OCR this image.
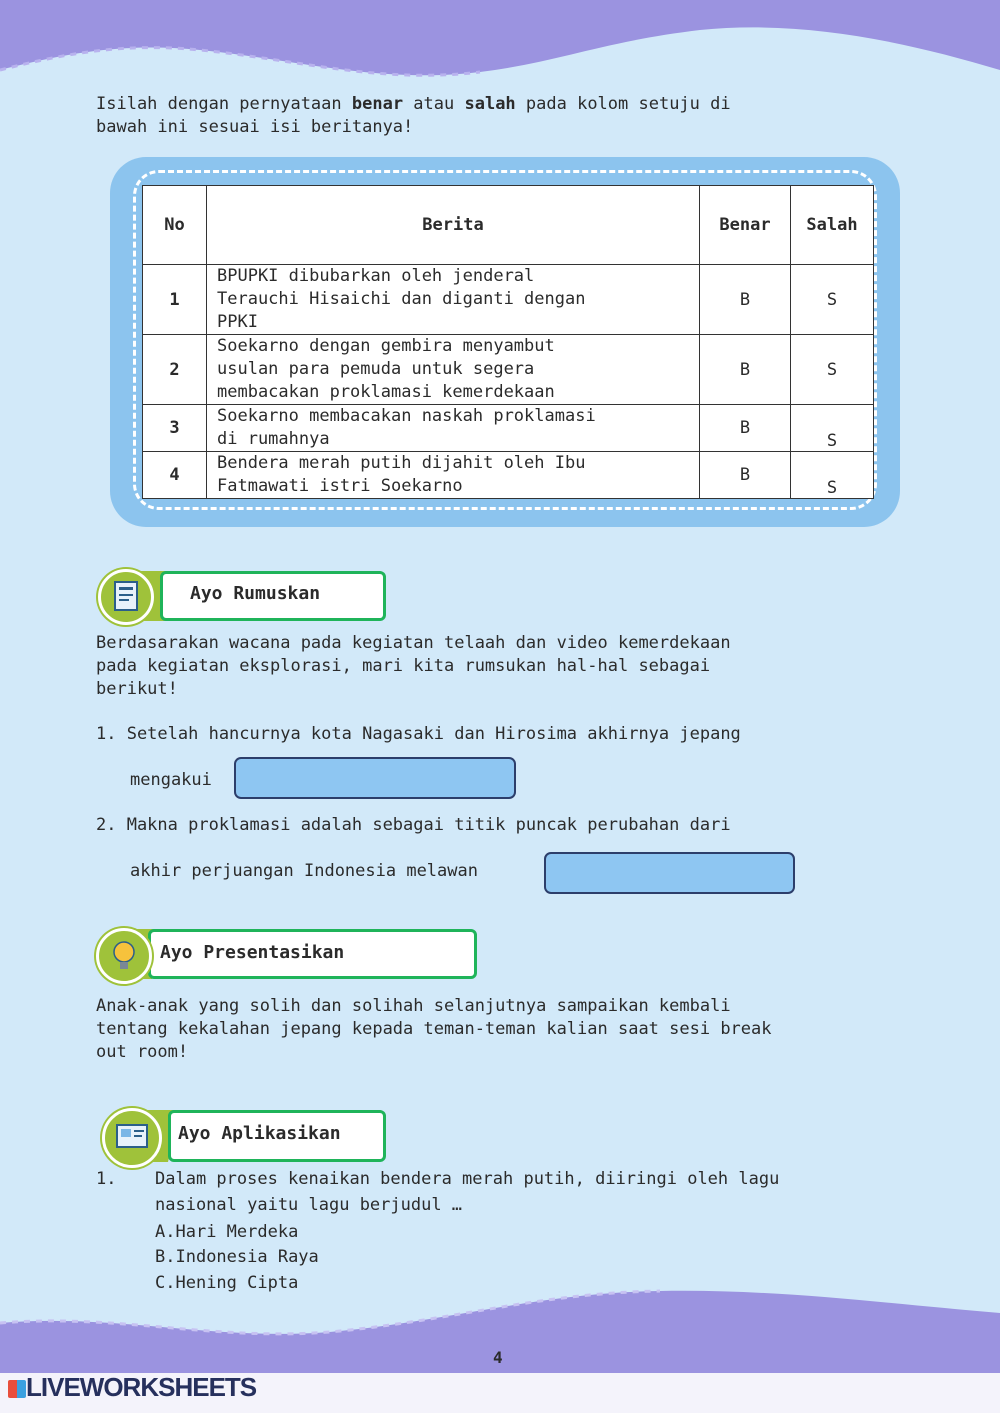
Isilah dengan pernyataan benar atau salah pada kolom setuju di
bawah ini sesuai isi beritanya!

No	Berita	Benar	Salah
1	BPUPKI dibubarkan oleh jenderal
Terauchi Hisaichi dan diganti dengan
PPKI	B	S
2	Soekarno dengan gembira menyambut
usulan para pemuda untuk segera
membacakan proklamasi kemerdekaan	B	S
3	Soekarno membacakan naskah proklamasi
di rumahnya	B	S
4	Bendera merah putih dijahit oleh Ibu
Fatmawati istri Soekarno	B	S
Ayo Rumuskan

Berdasarakan wacana pada kegiatan telaah dan video kemerdekaan
pada kegiatan eksplorasi, mari kita rumsukan hal-hal sebagai
berikut!

1. Setelah hancurnya kota Nagasaki dan Hirosima akhirnya jepang
mengakui
2. Makna proklamasi adalah sebagai titik puncak perubahan dari
akhir perjuangan Indonesia melawan
Ayo Presentasikan

Anak-anak yang solih dan solihah selanjutnya sampaikan kembali
tentang kekalahan jepang kepada teman-teman kalian saat sesi break
out room!

Ayo Aplikasikan
1. Dalam proses kenaikan bendera merah putih, diiringi oleh lagu
nasional yaitu lagu berjudul …
A.Hari Merdeka
B.Indonesia Raya
C.Hening Cipta
4
LIVEWORKSHEETS
